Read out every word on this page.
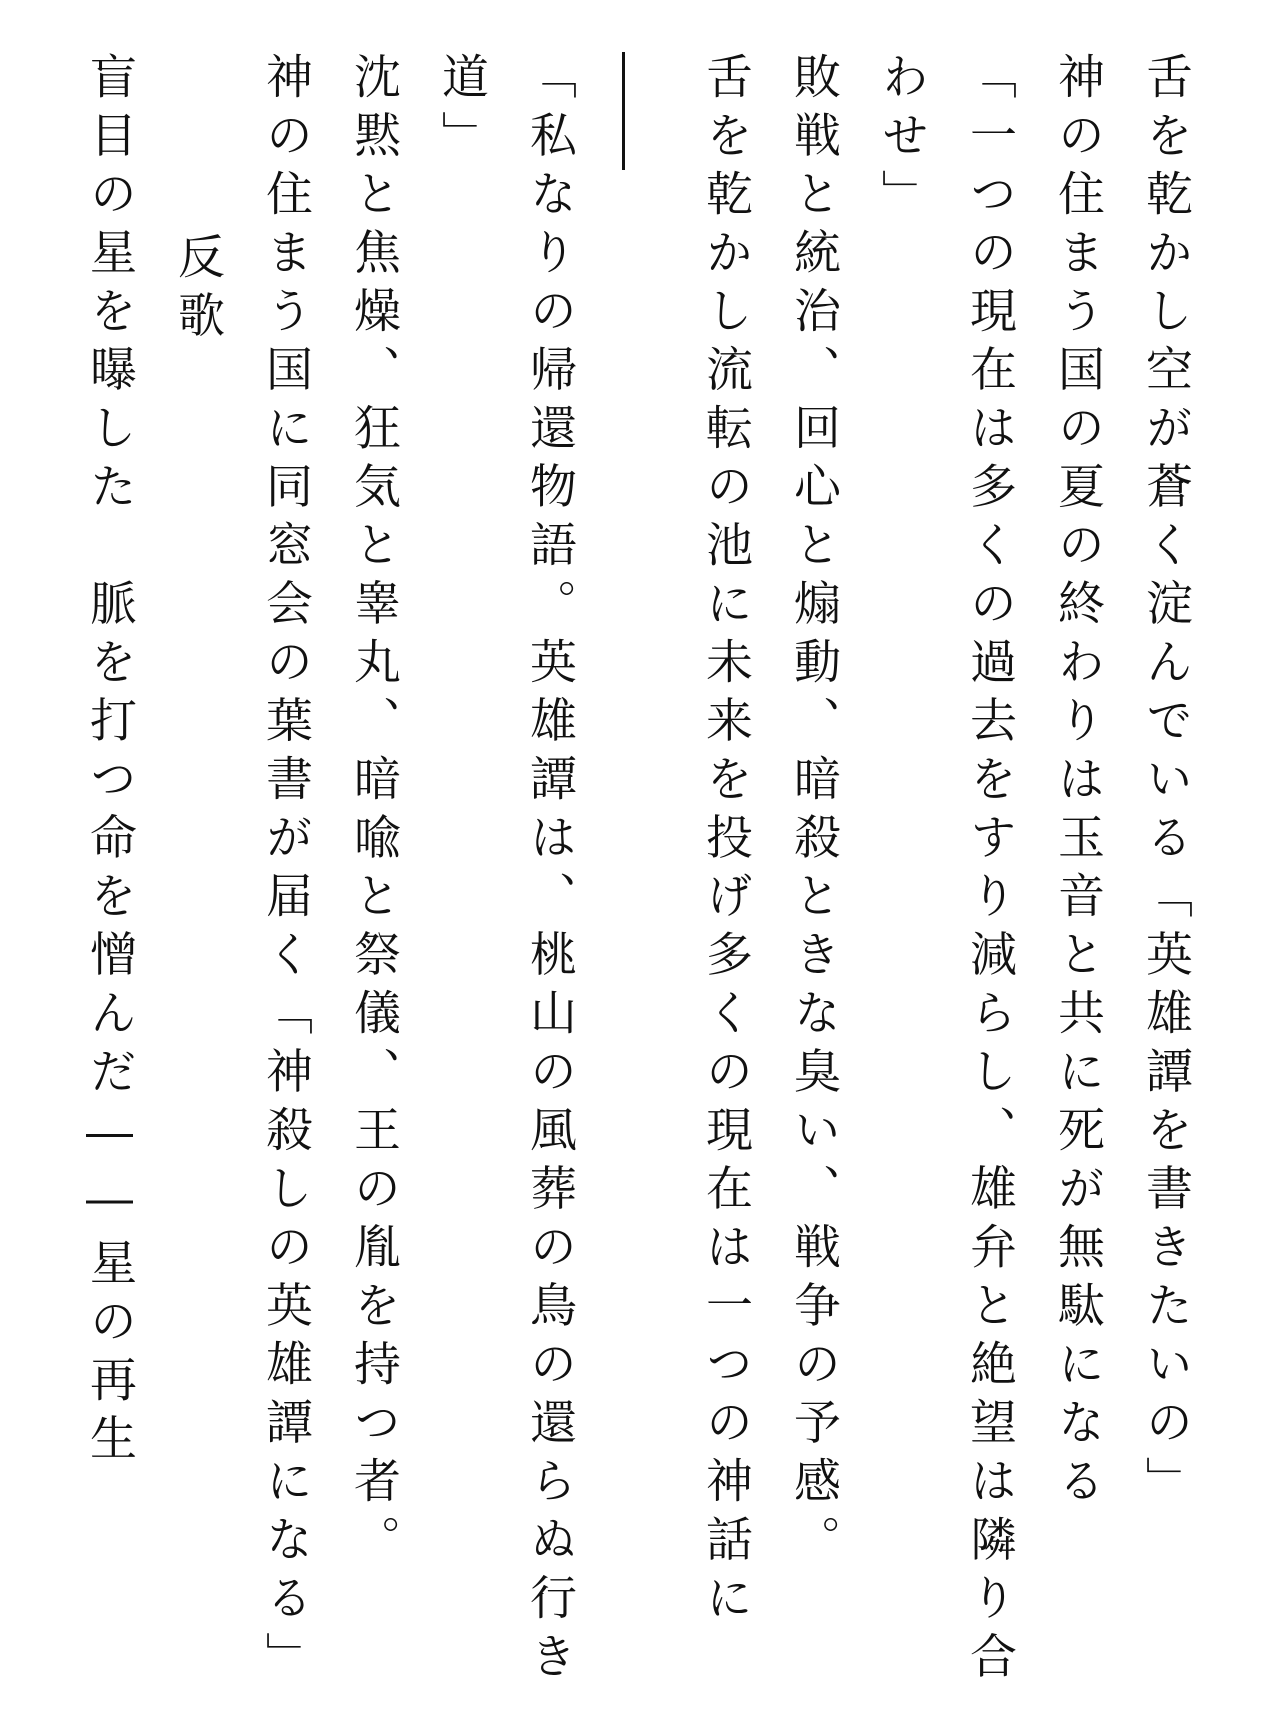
舌を乾かし空が蒼く淀んでいる「英雄譚を書きたいの」
神の住まう国の夏の終わりは玉音と共に死が無駄になる
「一つの現在は多くの過去をすり減らし、雄弁と絶望は隣り合
わせ」
敗戦と統治、回心と煽動、暗殺ときな臭い、戦争の予感。
舌を乾かし流転の池に未来を投げ多くの現在は一つの神話に
「私なりの帰還物語。英雄譚は、桃山の風葬の鳥の還らぬ行き
道」
沈黙と焦燥、狂気と睾丸、暗喩と祭儀、王の胤を持つ者。
神の住まう国に同窓会の葉書が届く「神殺しの英雄譚になる」
反歌
盲目の星を曝した　脈を打つ命を憎んだ――星の再生
